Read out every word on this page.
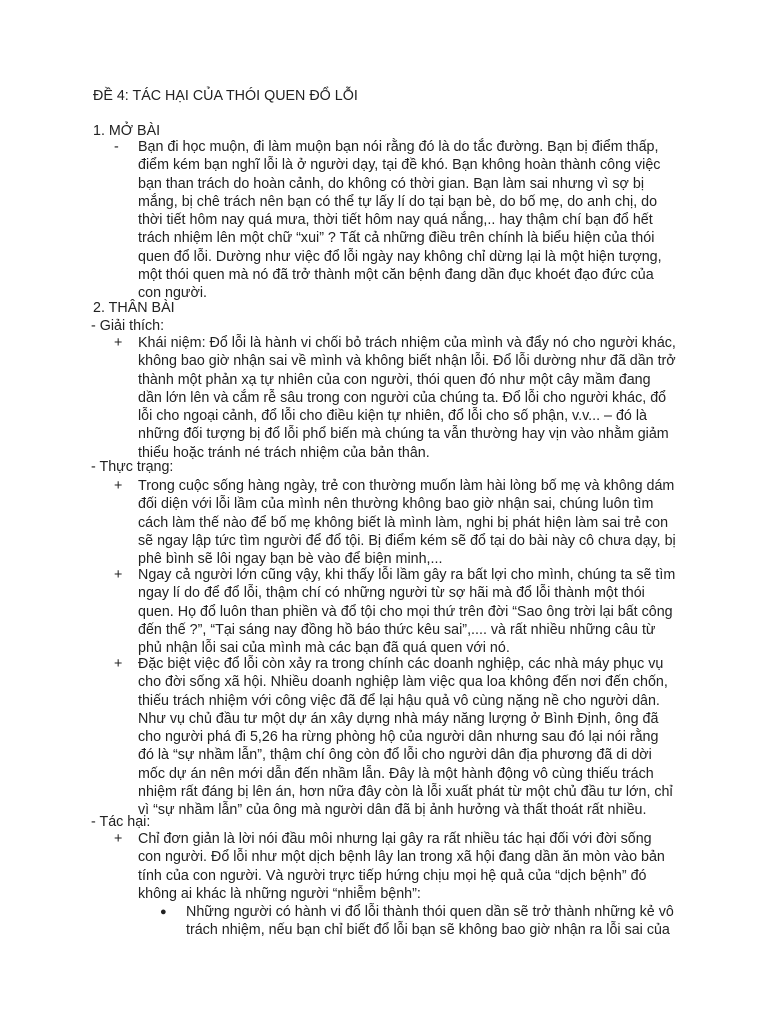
ĐỀ 4: TÁC HẠI CỦA THÓI QUEN ĐỔ LỖI
1. MỞ BÀI
- Bạn đi học muộn, đi làm muộn bạn nói rằng đó là do tắc đường. Bạn bị điểm thấp,
điểm kém bạn nghĩ lỗi là ở người dạy, tại đề khó. Bạn không hoàn thành công việc
bạn than trách do hoàn cảnh, do không có thời gian. Bạn làm sai nhưng vì sợ bị
mắng, bị chê trách nên bạn có thể tự lấy lí do tại bạn bè, do bố mẹ, do anh chị, do
thời tiết hôm nay quá mưa, thời tiết hôm nay quá nắng,.. hay thậm chí bạn đổ hết
trách nhiệm lên một chữ “xui” ? Tất cả những điều trên chính là biểu hiện của thói
quen đổ lỗi. Dường như việc đổ lỗi ngày nay không chỉ dừng lại là một hiện tượng,
một thói quen mà nó đã trở thành một căn bệnh đang dần đục khoét đạo đức của
con người.
2. THÂN BÀI
- Giải thích:
+ Khái niệm: Đổ lỗi là hành vi chối bỏ trách nhiệm của mình và đẩy nó cho người khác,
không bao giờ nhận sai về mình và không biết nhận lỗi. Đổ lỗi dường như đã dần trở
thành một phản xạ tự nhiên của con người, thói quen đó như một cây mầm đang
dần lớn lên và cắm rễ sâu trong con người của chúng ta. Đổ lỗi cho người khác, đổ
lỗi cho ngoại cảnh, đổ lỗi cho điều kiện tự nhiên, đổ lỗi cho số phận, v.v... – đó là
những đối tượng bị đổ lỗi phổ biến mà chúng ta vẫn thường hay vịn vào nhằm giảm
thiểu hoặc tránh né trách nhiệm của bản thân.
- Thực trạng:
+ Trong cuộc sống hàng ngày, trẻ con thường muốn làm hài lòng bố mẹ và không dám
đối diện với lỗi lầm của mình nên thường không bao giờ nhận sai, chúng luôn tìm
cách làm thế nào để bố mẹ không biết là mình làm, nghi bị phát hiện làm sai trẻ con
sẽ ngay lập tức tìm người để đổ tội. Bị điểm kém sẽ đổ tại do bài này cô chưa dạy, bị
phê bình sẽ lôi ngay bạn bè vào để biện minh,...
+ Ngay cả người lớn cũng vậy, khi thấy lỗi lầm gây ra bất lợi cho mình, chúng ta sẽ tìm
ngay lí do để đổ lỗi, thậm chí có những người từ sợ hãi mà đổ lỗi thành một thói
quen. Họ đổ luôn than phiền và đổ tội cho mọi thứ trên đời “Sao ông trời lại bất công
đến thế ?”, “Tại sáng nay đồng hồ báo thức kêu sai”,.... và rất nhiều những câu từ
phủ nhận lỗi sai của mình mà các bạn đã quá quen với nó.
+ Đặc biệt việc đổ lỗi còn xảy ra trong chính các doanh nghiệp, các nhà máy phục vụ
cho đời sống xã hội. Nhiều doanh nghiệp làm việc qua loa không đến nơi đến chốn,
thiếu trách nhiệm với công việc đã để lại hậu quả vô cùng nặng nề cho người dân.
Như vụ chủ đầu tư một dự án xây dựng nhà máy năng lượng ở Bình Định, ông đã
cho người phá đi 5,26 ha rừng phòng hộ của người dân nhưng sau đó lại nói rằng
đó là “sự nhầm lẫn”, thậm chí ông còn đổ lỗi cho người dân địa phương đã di dời
mốc dự án nên mới dẫn đến nhầm lẫn. Đây là một hành động vô cùng thiếu trách
nhiệm rất đáng bị lên án, hơn nữa đây còn là lỗi xuất phát từ một chủ đầu tư lớn, chỉ
vì “sự nhầm lẫn” của ông mà người dân đã bị ảnh hưởng và thất thoát rất nhiều.
- Tác hại:
+ Chỉ đơn giản là lời nói đầu môi nhưng lại gây ra rất nhiều tác hại đối với đời sống
con người. Đổ lỗi như một dịch bệnh lây lan trong xã hội đang dần ăn mòn vào bản
tính của con người. Và người trực tiếp hứng chịu mọi hệ quả của “dịch bệnh” đó
không ai khác là những người “nhiễm bệnh”:
● Những người có hành vi đổ lỗi thành thói quen dần sẽ trở thành những kẻ vô
trách nhiệm, nếu bạn chỉ biết đổ lỗi bạn sẽ không bao giờ nhận ra lỗi sai của
